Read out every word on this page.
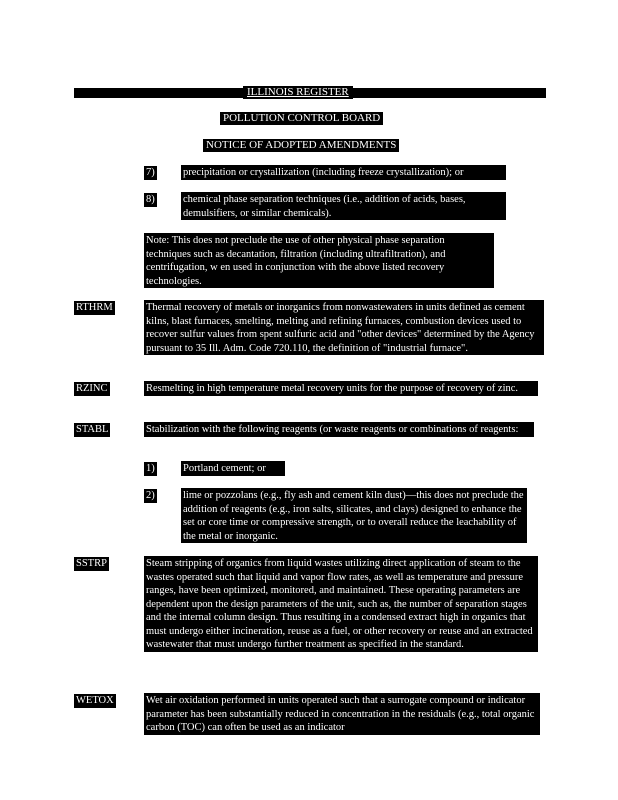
ILLINOIS REGISTER
POLLUTION CONTROL BOARD
NOTICE OF ADOPTED AMENDMENTS
7)	precipitation or crystallization (including freeze crystallization); or
8)	chemical phase separation techniques (i.e., addition of acids, bases, demulsifiers, or similar chemicals).
Note: This does not preclude the use of other physical phase separation techniques such as decantation, filtration (including ultrafiltration), and centrifugation, w en used in conjunction with the above listed recovery technologies.
RTHRM	Thermal recovery of metals or inorganics from nonwastewaters in units defined as cement kilns, blast furnaces, smelting, melting and refining furnaces, combustion devices used to recover sulfur values from spent sulfuric acid and "other devices" determined by the Agency pursuant to 35 Ill. Adm. Code 720.110, the definition of "industrial furnace".
RZINC	Resmelting in high temperature metal recovery units for the purpose of recovery of zinc.
STABL	Stabilization with the following reagents (or waste reagents or combinations of reagents:
1)	Portland cement; or
2)	lime or pozzolans (e.g., fly ash and cement kiln dust)—this does not preclude the addition of reagents (e.g., iron salts, silicates, and clays) designed to enhance the set or core time or compressive strength, or to overall reduce the leachability of the metal or inorganic.
SSTRP	Steam stripping of organics from liquid wastes utilizing direct application of steam to the wastes operated such that liquid and vapor flow rates, as well as temperature and pressure ranges, have been optimized, monitored, and maintained. These operating parameters are dependent upon the design parameters of the unit, such as, the number of separation stages and the internal column design. Thus resulting in a condensed extract high in organics that must undergo either incineration, reuse as a fuel, or other recovery or reuse and an extracted wastewater that must undergo further treatment as specified in the standard.
WETOX	Wet air oxidation performed in units operated such that a surrogate compound or indicator parameter has been substantially reduced in concentration in the residuals (e.g., total organic carbon (TOC) can often be used as an indicator
